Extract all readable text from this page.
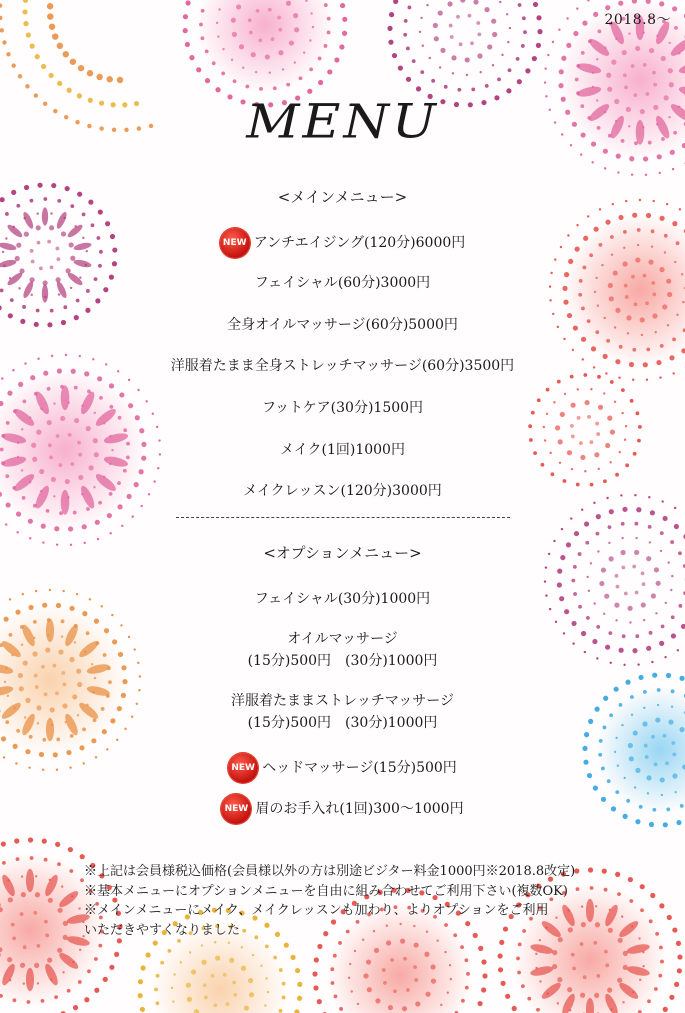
2018.8～
MENU
<メインメニュー>
NEW アンチエイジング(120分)6000円
フェイシャル(60分)3000円
全身オイルマッサージ(60分)5000円
洋服着たまま全身ストレッチマッサージ(60分)3500円
フットケア(30分)1500円
メイク(1回)1000円
メイクレッスン(120分)3000円
<オプションメニュー>
フェイシャル(30分)1000円
オイルマッサージ
(15分)500円　(30分)1000円
洋服着たままストレッチマッサージ
(15分)500円　(30分)1000円
NEW ヘッドマッサージ(15分)500円
NEW 眉のお手入れ(1回)300～1000円
※上記は会員様税込価格(会員様以外の方は別途ビジター料金1000円※2018.8改定)
※基本メニューにオプションメニューを自由に組み合わせてご利用下さい(複数OK)
※メインメニューにメイク、メイクレッスンも加わり、よりオプションをご利用
いただきやすくなりました
